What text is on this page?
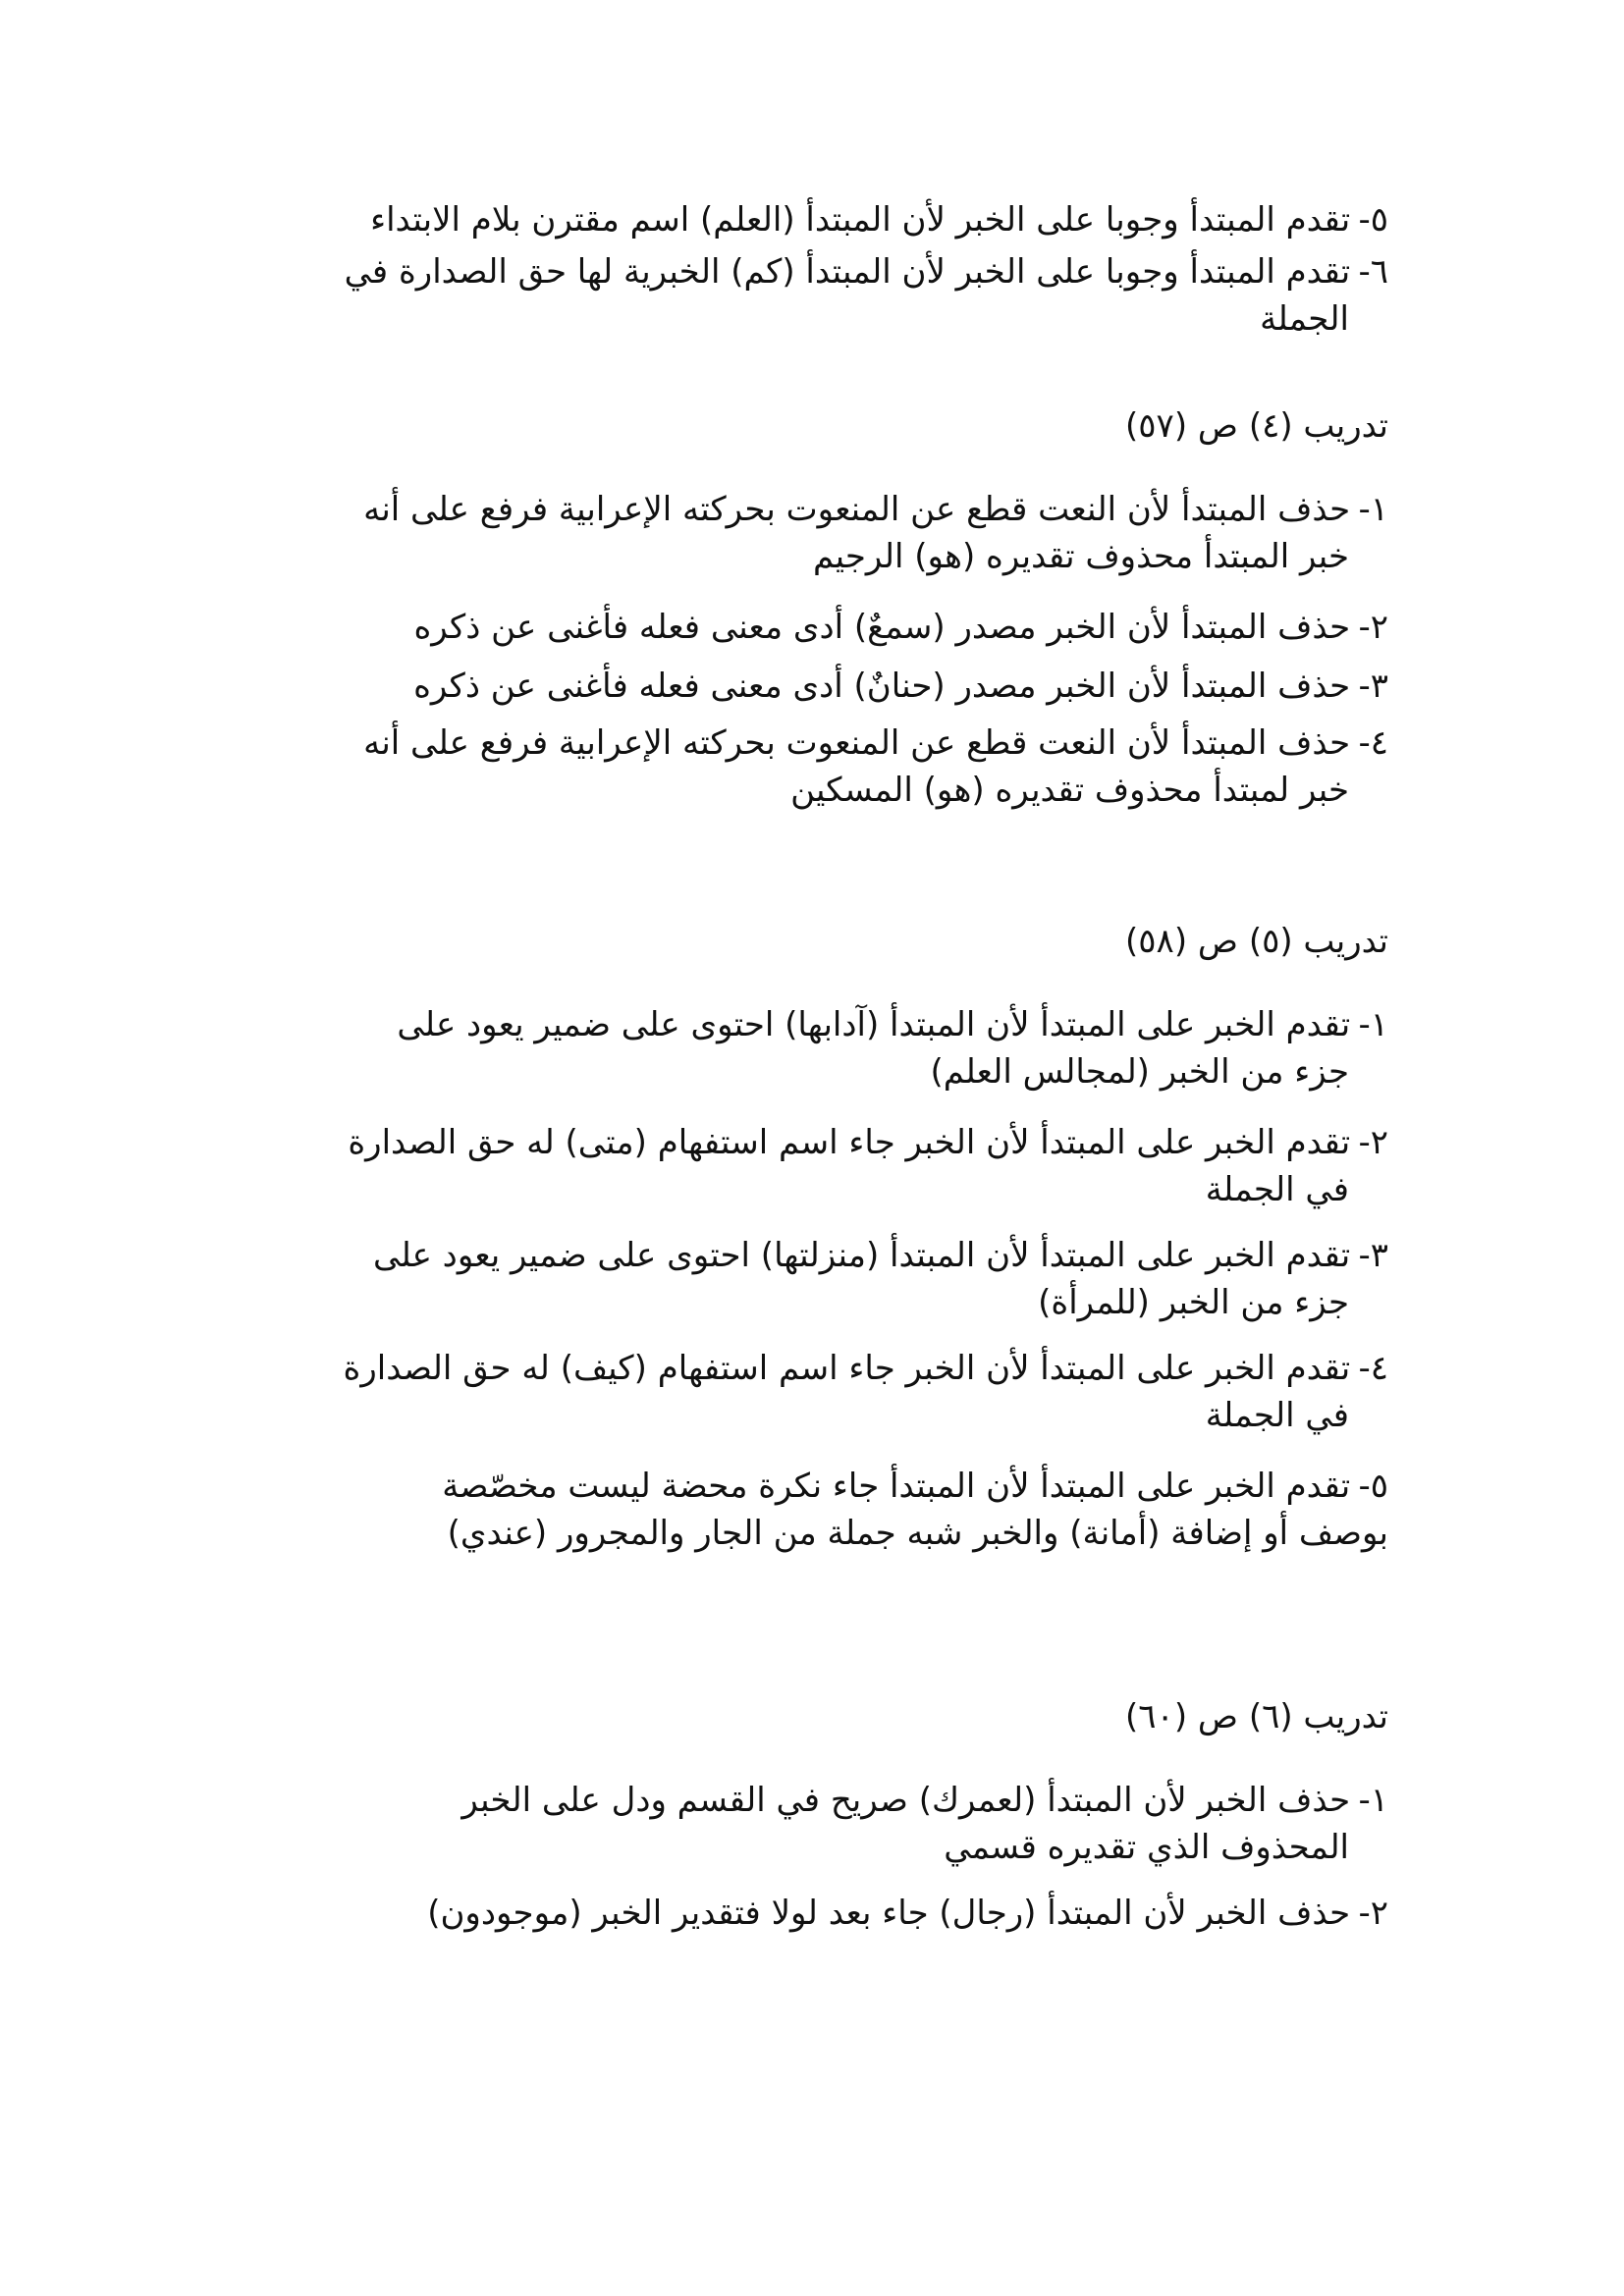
٥- تقدم المبتدأ وجوبا على الخبر لأن المبتدأ (العلم) اسم مقترن بلام الابتداء
٦- تقدم المبتدأ وجوبا على الخبر لأن المبتدأ (كم) الخبرية لها حق الصدارة في
الجملة
تدريب (٤) ص (٥٧)
١- حذف المبتدأ لأن النعت قطع عن المنعوت بحركته الإعرابية فرفع على أنه
خبر المبتدأ محذوف تقديره (هو) الرجيم
٢- حذف المبتدأ لأن الخبر مصدر (سمعٌ) أدى معنى فعله فأغنى عن ذكره
٣- حذف المبتدأ لأن الخبر مصدر (حنانٌ) أدى معنى فعله فأغنى عن ذكره
٤- حذف المبتدأ لأن النعت قطع عن المنعوت بحركته الإعرابية فرفع على أنه
خبر لمبتدأ محذوف تقديره (هو) المسكين
تدريب (٥) ص (٥٨)
١- تقدم الخبر على المبتدأ لأن المبتدأ (آدابها) احتوى على ضمير يعود على
جزء من الخبر (لمجالس العلم)
٢- تقدم الخبر على المبتدأ لأن الخبر جاء اسم استفهام (متى) له حق الصدارة
في الجملة
٣- تقدم الخبر على المبتدأ لأن المبتدأ (منزلتها) احتوى على ضمير يعود على
جزء من الخبر (للمرأة)
٤- تقدم الخبر على المبتدأ لأن الخبر جاء اسم استفهام (كيف) له حق الصدارة
في الجملة
٥- تقدم الخبر على المبتدأ لأن المبتدأ جاء نكرة محضة ليست مخصّصة
بوصف أو إضافة (أمانة) والخبر شبه جملة من الجار والمجرور (عندي)
تدريب (٦) ص (٦٠)
١- حذف الخبر لأن المبتدأ (لعمرك) صريح في القسم ودل على الخبر
المحذوف الذي تقديره قسمي
٢- حذف الخبر لأن المبتدأ (رجال) جاء بعد لولا فتقدير الخبر (موجودون)
